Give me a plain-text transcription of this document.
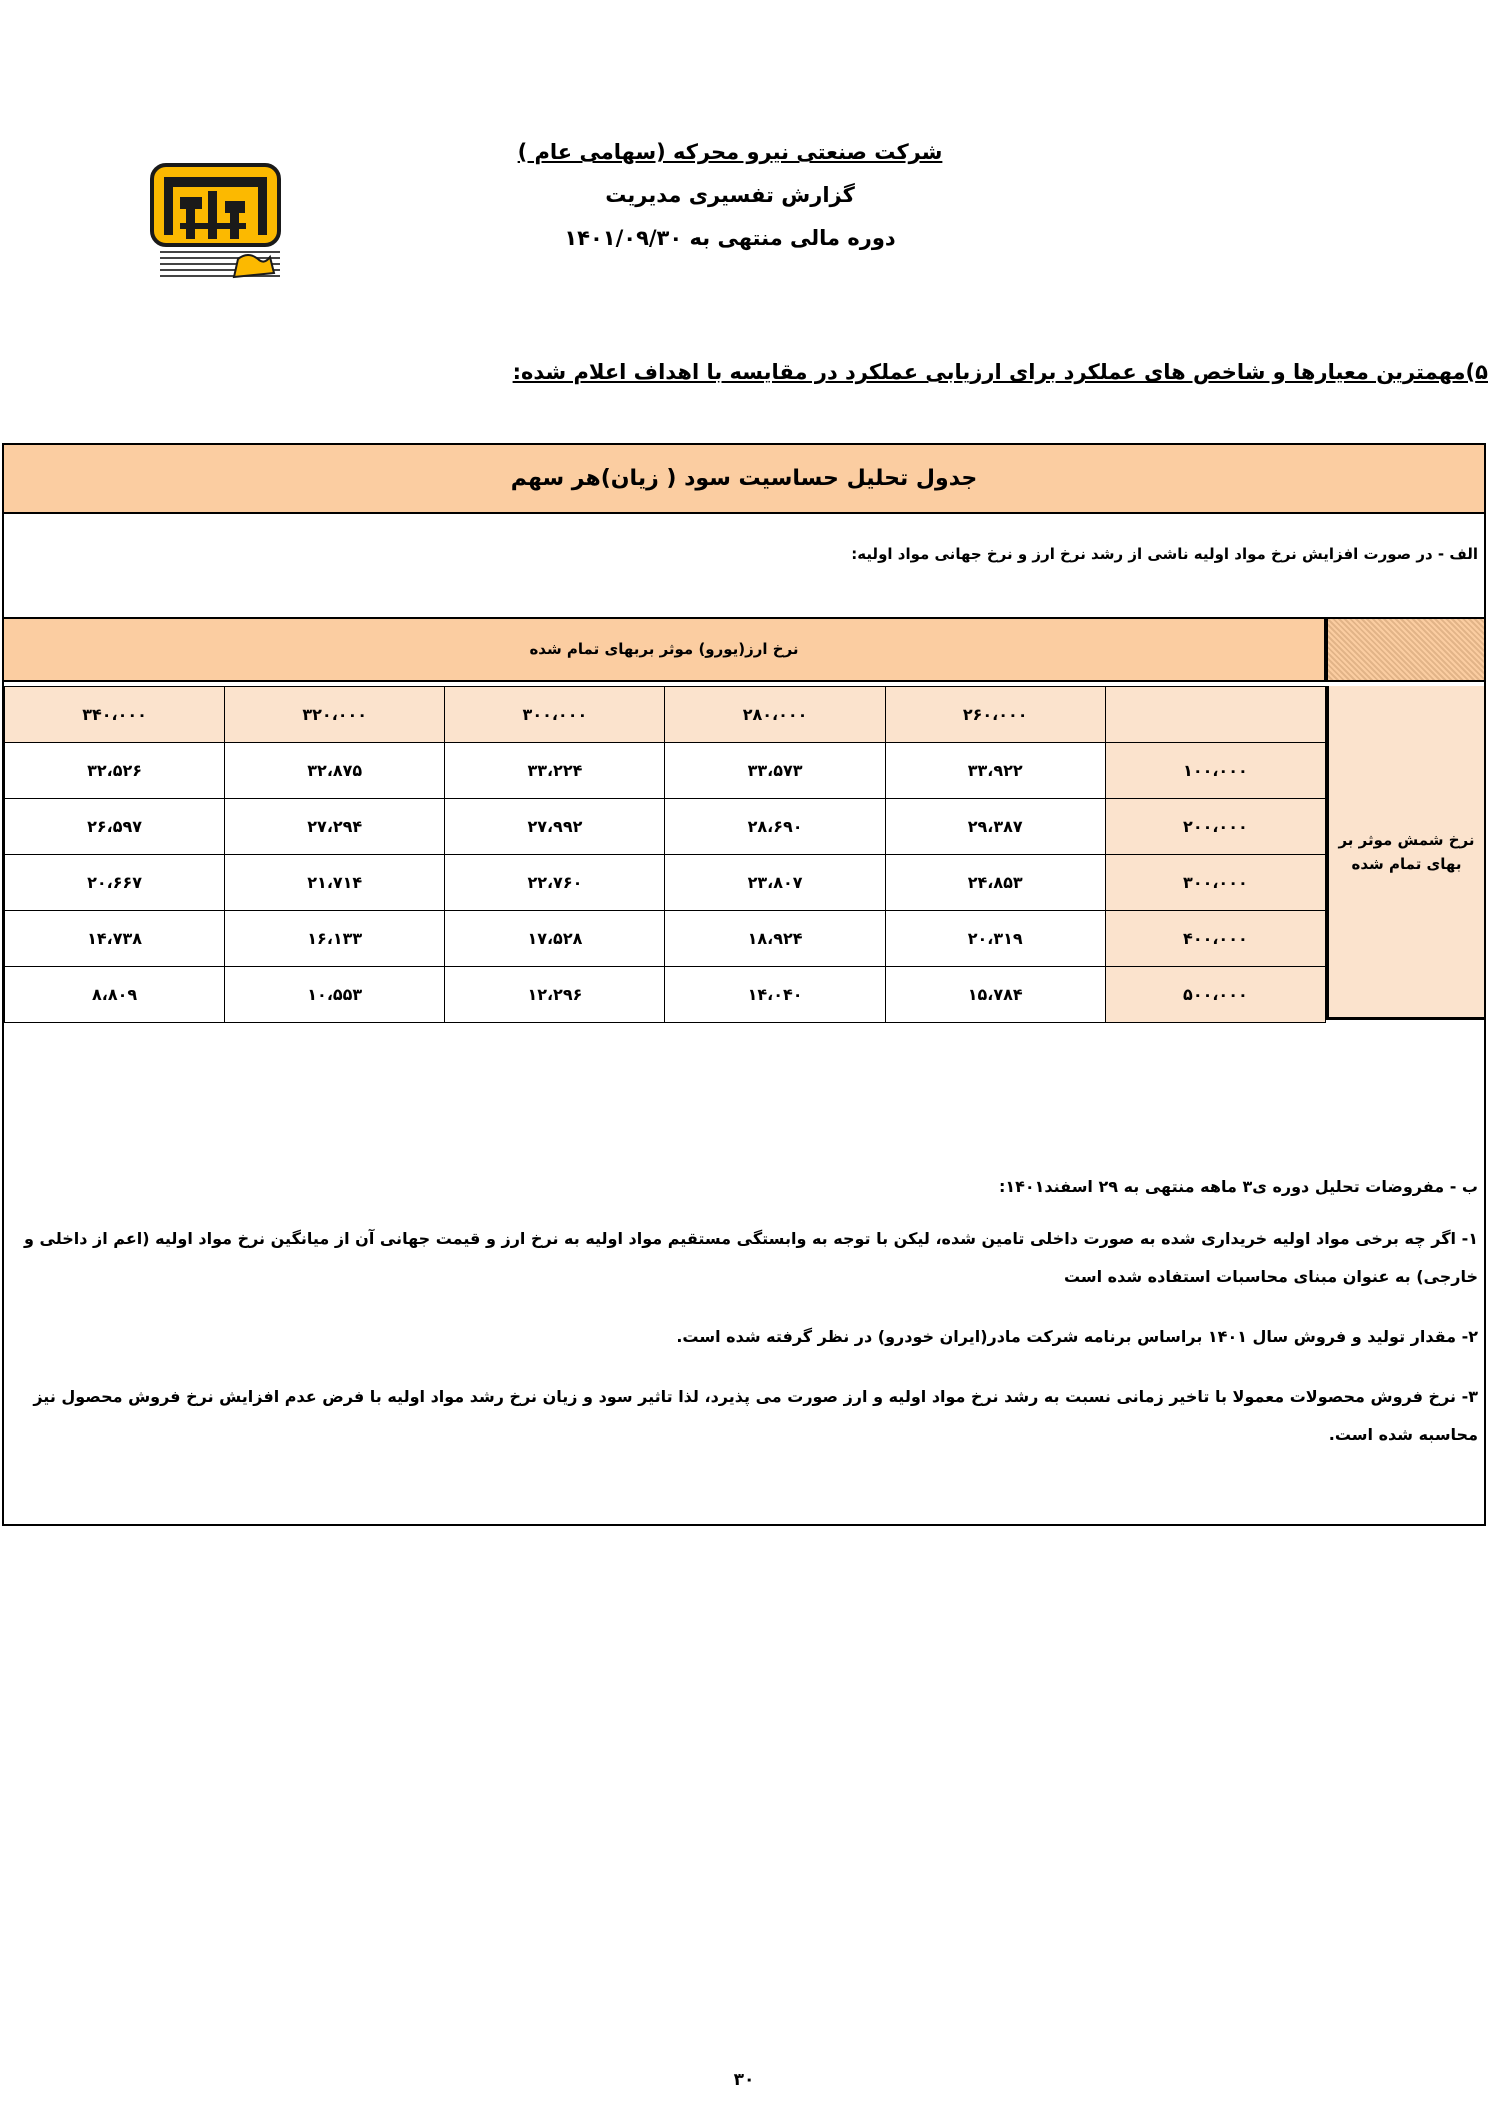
شرکت صنعتی نیرو محرکه (سهامی عام )
گزارش تفسیری مدیریت
دوره مالی منتهی به ۱۴۰۱/۰۹/۳۰
۵)مهمترین معیارها و شاخص های عملکرد برای ارزیابی عملکرد در مقایسه با اهداف اعلام شده:
جدول تحلیل حساسیت سود ( زیان)هر سهم
الف - در صورت افزایش نرخ مواد اولیه ناشی از رشد نرخ ارز و نرخ جهانی مواد اولیه:
نرخ ارز(یورو) موثر بربهای تمام شده
نرخ شمش موثر بر بهای تمام شده
۳۴۰،۰۰۰	۳۲۰،۰۰۰	۳۰۰،۰۰۰	۲۸۰،۰۰۰	۲۶۰،۰۰۰	
۳۲،۵۲۶	۳۲،۸۷۵	۳۳،۲۲۴	۳۳،۵۷۳	۳۳،۹۲۲	۱۰۰،۰۰۰
۲۶،۵۹۷	۲۷،۲۹۴	۲۷،۹۹۲	۲۸،۶۹۰	۲۹،۳۸۷	۲۰۰،۰۰۰
۲۰،۶۶۷	۲۱،۷۱۴	۲۲،۷۶۰	۲۳،۸۰۷	۲۴،۸۵۳	۳۰۰،۰۰۰
۱۴،۷۳۸	۱۶،۱۳۳	۱۷،۵۲۸	۱۸،۹۲۴	۲۰،۳۱۹	۴۰۰،۰۰۰
۸،۸۰۹	۱۰،۵۵۳	۱۲،۲۹۶	۱۴،۰۴۰	۱۵،۷۸۴	۵۰۰،۰۰۰

ب - مفروضات تحلیل دوره ی۳ ماهه منتهی به ۲۹ اسفند۱۴۰۱:

۱- اگر چه برخی مواد اولیه خریداری شده به صورت داخلی تامین شده، لیکن با توجه به وابستگی مستقیم مواد اولیه به نرخ ارز و قیمت جهانی آن از میانگین نرخ مواد اولیه (اعم از داخلی و خارجی) به عنوان مبنای محاسبات استفاده شده است

۲- مقدار تولید و فروش سال ۱۴۰۱ براساس برنامه شرکت مادر(ایران خودرو) در نظر گرفته شده است.

۳- نرخ فروش محصولات معمولا با تاخیر زمانی نسبت به رشد نرخ مواد اولیه و ارز صورت می پذیرد، لذا تاثیر سود و زیان نرخ رشد مواد اولیه با فرض عدم افزایش نرخ فروش محصول نیز محاسبه شده است.

۳۰
